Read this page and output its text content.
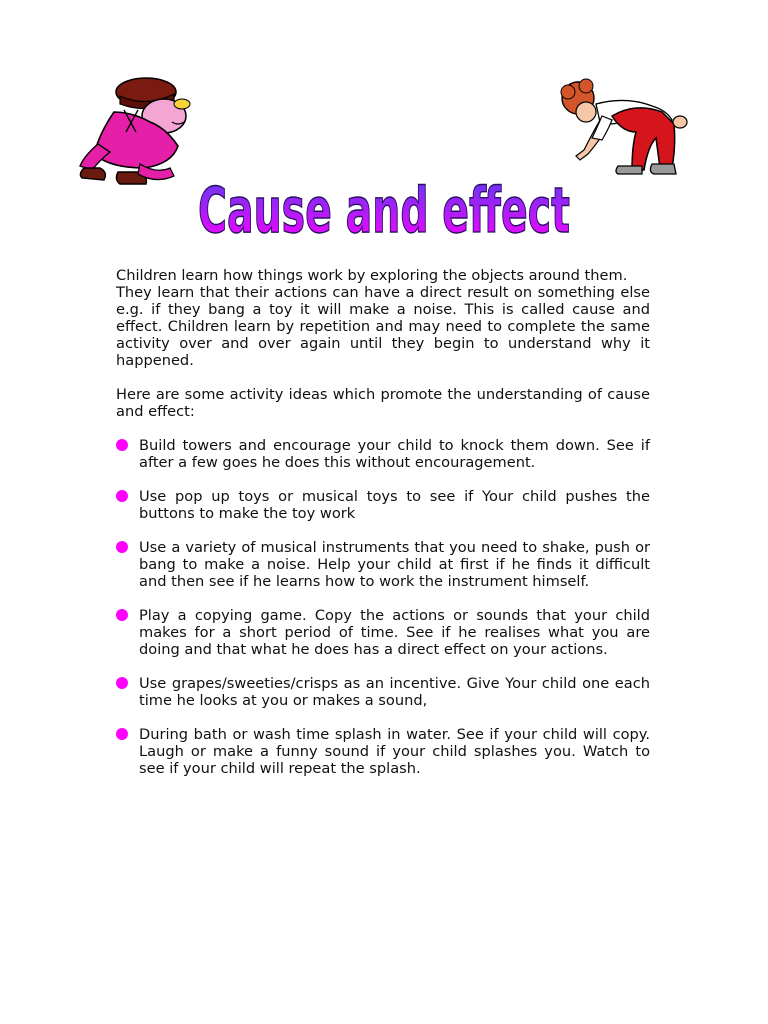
Cause and effect

Children learn how things work by exploring the objects around them.

They learn that their actions can have a direct result on something else e.g. if they bang a toy it will make a noise. This is called cause and effect. Children learn by repetition and may need to complete the same activity over and over again until they begin to understand why it happened.

Here are some activity ideas which promote the understanding of cause and effect:

Build towers and encourage your child to knock them down. See if after a few goes he does this without encouragement.
Use pop up toys or musical toys to see if Your child pushes the buttons to make the toy work
Use a variety of musical instruments that you need to shake, push or bang to make a noise. Help your child at first if he finds it difficult and then see if he learns how to work the instrument himself.
Play a copying game. Copy the actions or sounds that your child makes for a short period of time. See if he realises what you are doing and that what he does has a direct effect on your actions.
Use grapes/sweeties/crisps as an incentive. Give Your child one each time he looks at you or makes a sound,
During bath or wash time splash in water. See if your child will copy. Laugh or make a funny sound if your child splashes you. Watch to see if your child will repeat the splash.
